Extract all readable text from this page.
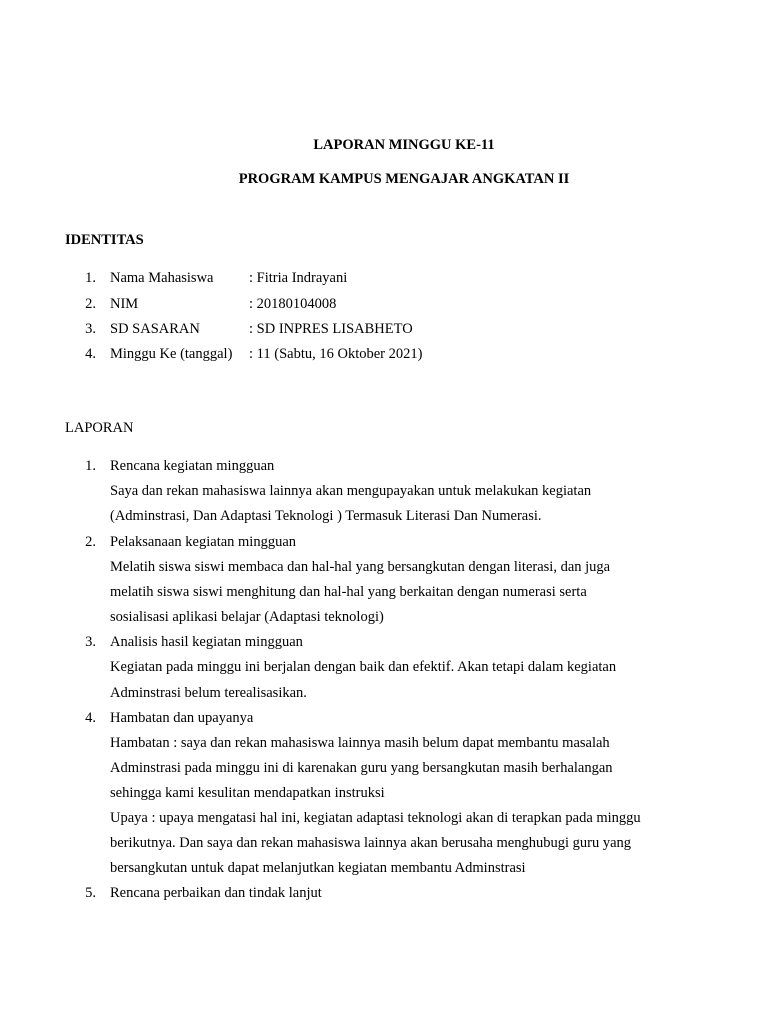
LAPORAN MINGGU KE-11
PROGRAM KAMPUS MENGAJAR ANGKATAN II
IDENTITAS
1. Nama Mahasiswa : Fitria Indrayani
2. NIM	: 20180104008
3. SD SASARAN	: SD INPRES LISABHETO
4. Minggu Ke (tanggal) : 11 (Sabtu, 16 Oktober 2021)
LAPORAN
1. Rencana kegiatan mingguan
Saya dan rekan mahasiswa lainnya akan mengupayakan untuk melakukan kegiatan
(Adminstrasi, Dan Adaptasi Teknologi ) Termasuk Literasi Dan Numerasi.
2. Pelaksanaan kegiatan mingguan
Melatih siswa siswi membaca dan hal-hal yang bersangkutan dengan literasi, dan juga
melatih siswa siswi menghitung dan hal-hal yang berkaitan dengan numerasi serta
sosialisasi aplikasi belajar (Adaptasi teknologi)
3. Analisis hasil kegiatan mingguan
Kegiatan pada minggu ini berjalan dengan baik dan efektif. Akan tetapi dalam kegiatan
Adminstrasi belum terealisasikan.
4. Hambatan dan upayanya
Hambatan : saya dan rekan mahasiswa lainnya masih belum dapat membantu masalah
Adminstrasi pada minggu ini di karenakan guru yang bersangkutan masih berhalangan
sehingga kami kesulitan mendapatkan instruksi
Upaya : upaya mengatasi hal ini, kegiatan adaptasi teknologi akan di terapkan pada minggu
berikutnya. Dan saya dan rekan mahasiswa lainnya akan berusaha menghubugi guru yang
bersangkutan untuk dapat melanjutkan kegiatan membantu Adminstrasi
5. Rencana perbaikan dan tindak lanjut
